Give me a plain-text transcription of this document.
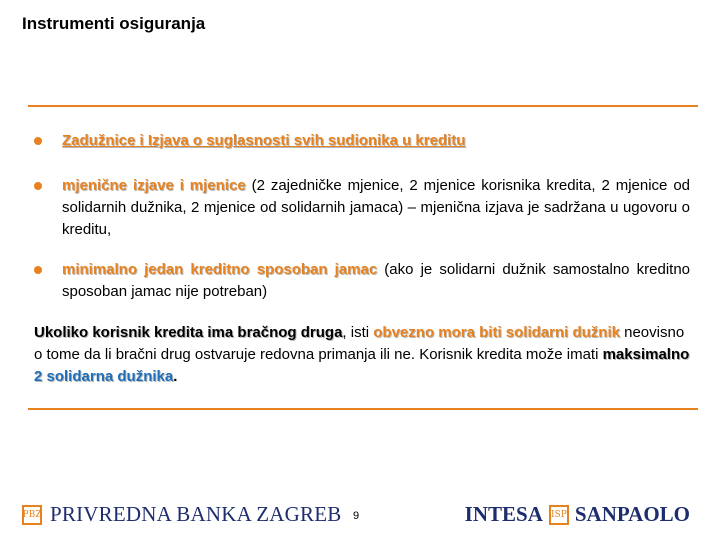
Instrumenti osiguranja
Zadužnice i Izjava o suglasnosti svih sudionika u kreditu
mjenične izjave i mjenice (2 zajedničke mjenice, 2 mjenice korisnika kredita, 2 mjenice od solidarnih dužnika, 2 mjenice od solidarnih jamaca) – mjenična izjava je sadržana u ugovoru o kreditu,
minimalno jedan kreditno sposoban jamac (ako je solidarni dužnik samostalno kreditno sposoban jamac nije potreban)
Ukoliko korisnik kredita ima bračnog druga, isti obvezno mora biti solidarni dužnik neovisno o tome da li bračni drug ostvaruje redovna primanja ili ne. Korisnik kredita može imati maksimalno 2 solidarna dužnika.
PBZ PRIVREDNA BANKA ZAGREB 9	INTESA ISP SANPAOLO
